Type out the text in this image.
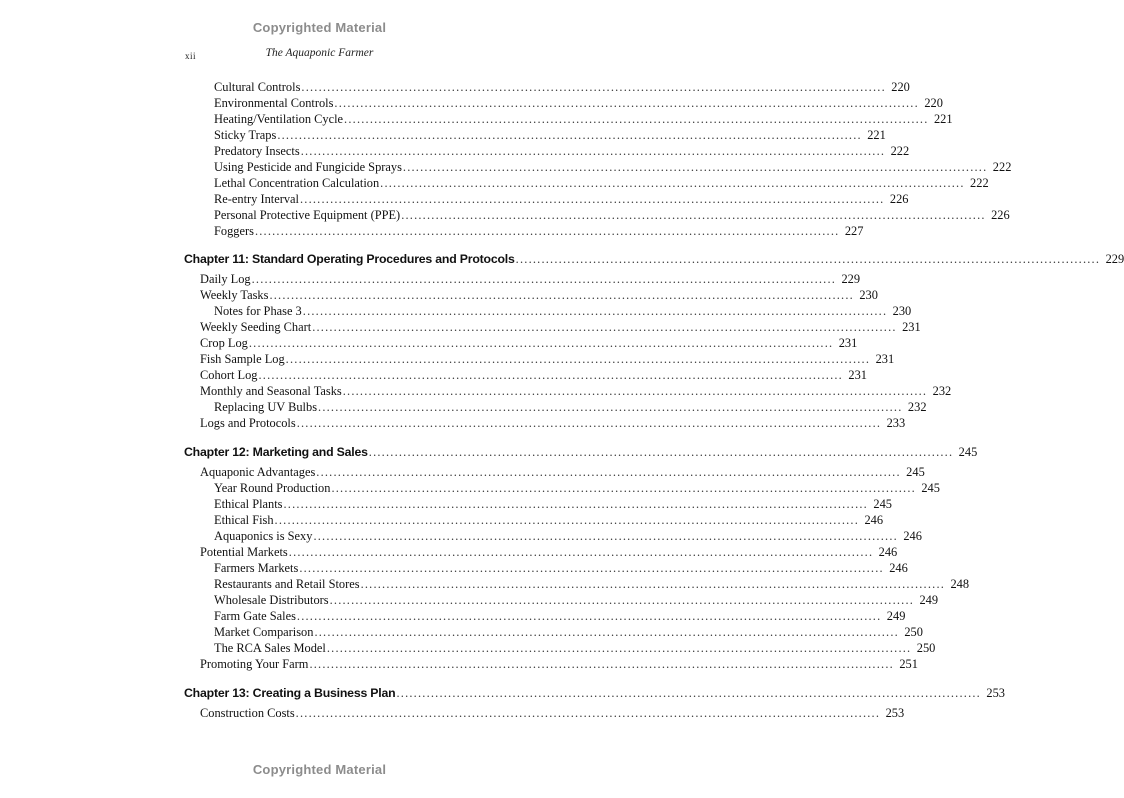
Copyrighted Material
xii	The Aquaponic Farmer
Cultural Controls ........................................................................................................................................ 220
Environmental Controls ........................................................................................................................................ 220
Heating/Ventilation Cycle ........................................................................................................................................ 221
Sticky Traps ........................................................................................................................................ 221
Predatory Insects ........................................................................................................................................ 222
Using Pesticide and Fungicide Sprays ........................................................................................................................................ 222
Lethal Concentration Calculation ........................................................................................................................................ 222
Re-entry Interval ........................................................................................................................................ 226
Personal Protective Equipment (PPE) ........................................................................................................................................ 226
Foggers ........................................................................................................................................ 227
Chapter 11: Standard Operating Procedures and Protocols ........................................................................................................................................ 229
Daily Log ........................................................................................................................................ 229
Weekly Tasks ........................................................................................................................................ 230
Notes for Phase 3 ........................................................................................................................................ 230
Weekly Seeding Chart ........................................................................................................................................ 231
Crop Log ........................................................................................................................................ 231
Fish Sample Log ........................................................................................................................................ 231
Cohort Log ........................................................................................................................................ 231
Monthly and Seasonal Tasks ........................................................................................................................................ 232
Replacing UV Bulbs ........................................................................................................................................ 232
Logs and Protocols ........................................................................................................................................ 233
Chapter 12: Marketing and Sales ........................................................................................................................................ 245
Aquaponic Advantages ........................................................................................................................................ 245
Year Round Production ........................................................................................................................................ 245
Ethical Plants ........................................................................................................................................ 245
Ethical Fish ........................................................................................................................................ 246
Aquaponics is Sexy ........................................................................................................................................ 246
Potential Markets ........................................................................................................................................ 246
Farmers Markets ........................................................................................................................................ 246
Restaurants and Retail Stores ........................................................................................................................................ 248
Wholesale Distributors ........................................................................................................................................ 249
Farm Gate Sales ........................................................................................................................................ 249
Market Comparison ........................................................................................................................................ 250
The RCA Sales Model ........................................................................................................................................ 250
Promoting Your Farm ........................................................................................................................................ 251
Chapter 13: Creating a Business Plan ........................................................................................................................................ 253
Construction Costs ........................................................................................................................................ 253
Copyrighted Material
